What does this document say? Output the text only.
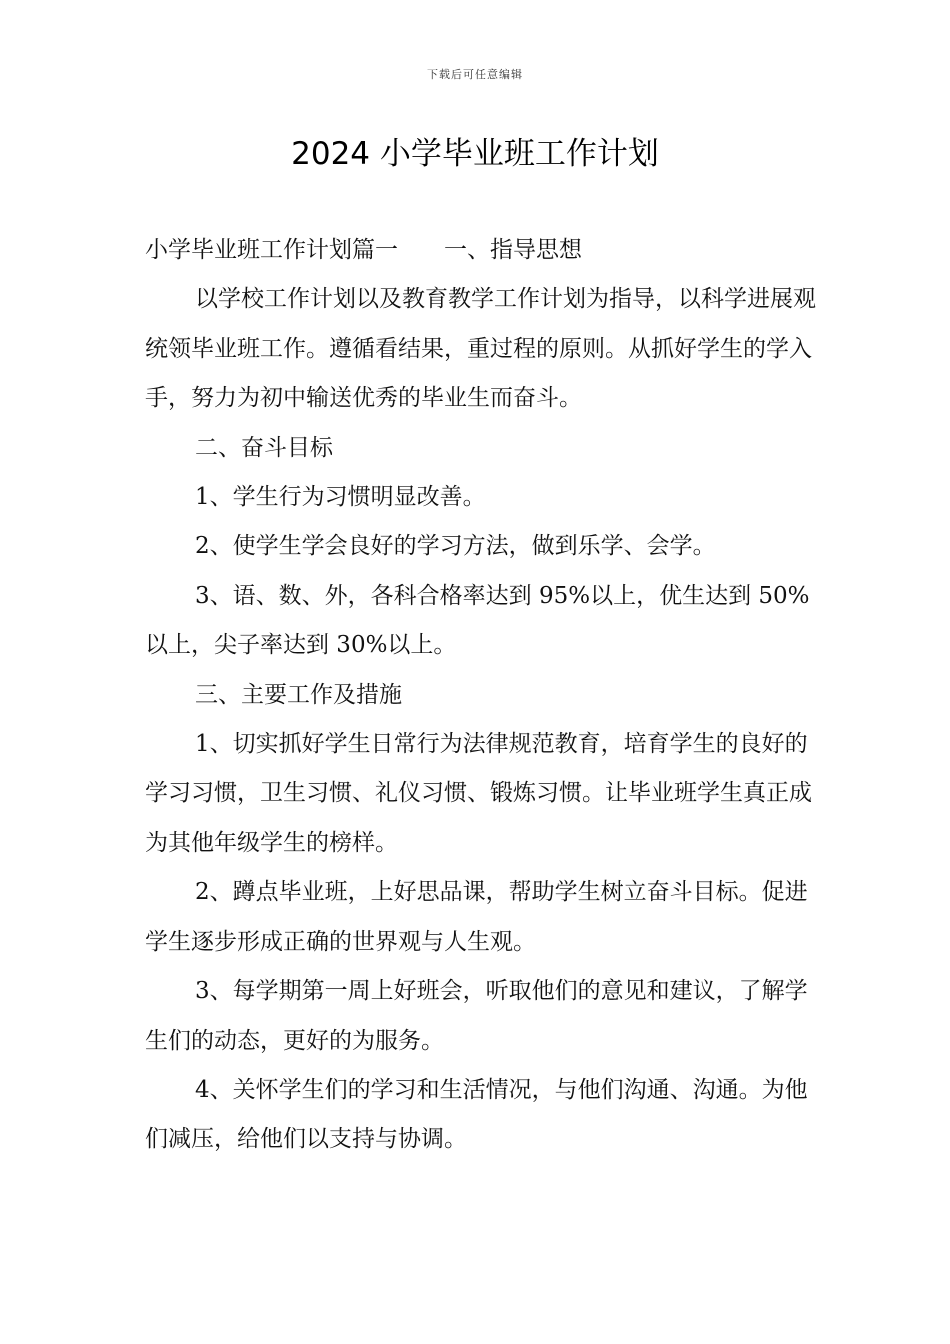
下载后可任意编辑
2024 小学毕业班工作计划

小学毕业班工作计划篇一 一、指导思想

以学校工作计划以及教育教学工作计划为指导，以科学进展观统领毕业班工作。遵循看结果，重过程的原则。从抓好学生的学入手，努力为初中输送优秀的毕业生而奋斗。

二、奋斗目标

1、学生行为习惯明显改善。

2、使学生学会良好的学习方法，做到乐学、会学。

3、语、数、外，各科合格率达到 95%以上，优生达到 50%以上，尖子率达到 30%以上。

三、主要工作及措施

1、切实抓好学生日常行为法律规范教育，培育学生的良好的学习习惯，卫生习惯、礼仪习惯、锻炼习惯。让毕业班学生真正成为其他年级学生的榜样。

2、蹲点毕业班，上好思品课，帮助学生树立奋斗目标。促进学生逐步形成正确的世界观与人生观。

3、每学期第一周上好班会，听取他们的意见和建议，了解学生们的动态，更好的为服务。

4、关怀学生们的学习和生活情况，与他们沟通、沟通。为他们减压，给他们以支持与协调。
